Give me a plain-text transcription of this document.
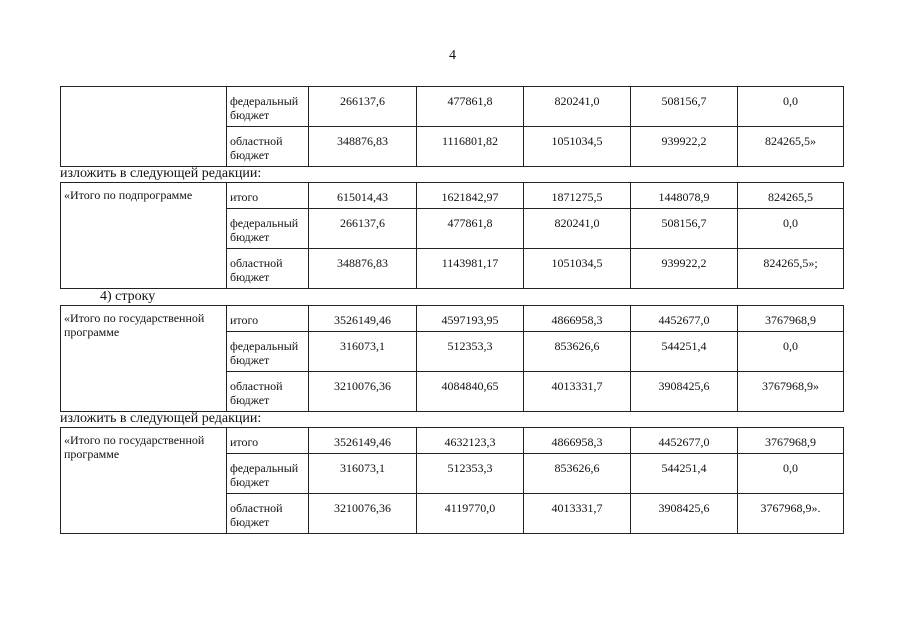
4
	федеральный бюджет	266137,6	477861,8	820241,0	508156,7	0,0
	областной бюджет	348876,83	1116801,82	1051034,5	939922,2	824265,5»
изложить в следующей редакции:
«Итого по подпрограмме	итого	615014,43	1621842,97	1871275,5	1448078,9	824265,5
	федеральный бюджет	266137,6	477861,8	820241,0	508156,7	0,0
	областной бюджет	348876,83	1143981,17	1051034,5	939922,2	824265,5»;
4) строку
«Итого по государственной программе	итого	3526149,46	4597193,95	4866958,3	4452677,0	3767968,9
	федеральный бюджет	316073,1	512353,3	853626,6	544251,4	0,0
	областной бюджет	3210076,36	4084840,65	4013331,7	3908425,6	3767968,9»
изложить в следующей редакции:
«Итого по государственной программе	итого	3526149,46	4632123,3	4866958,3	4452677,0	3767968,9
	федеральный бюджет	316073,1	512353,3	853626,6	544251,4	0,0
	областной бюджет	3210076,36	4119770,0	4013331,7	3908425,6	3767968,9».
